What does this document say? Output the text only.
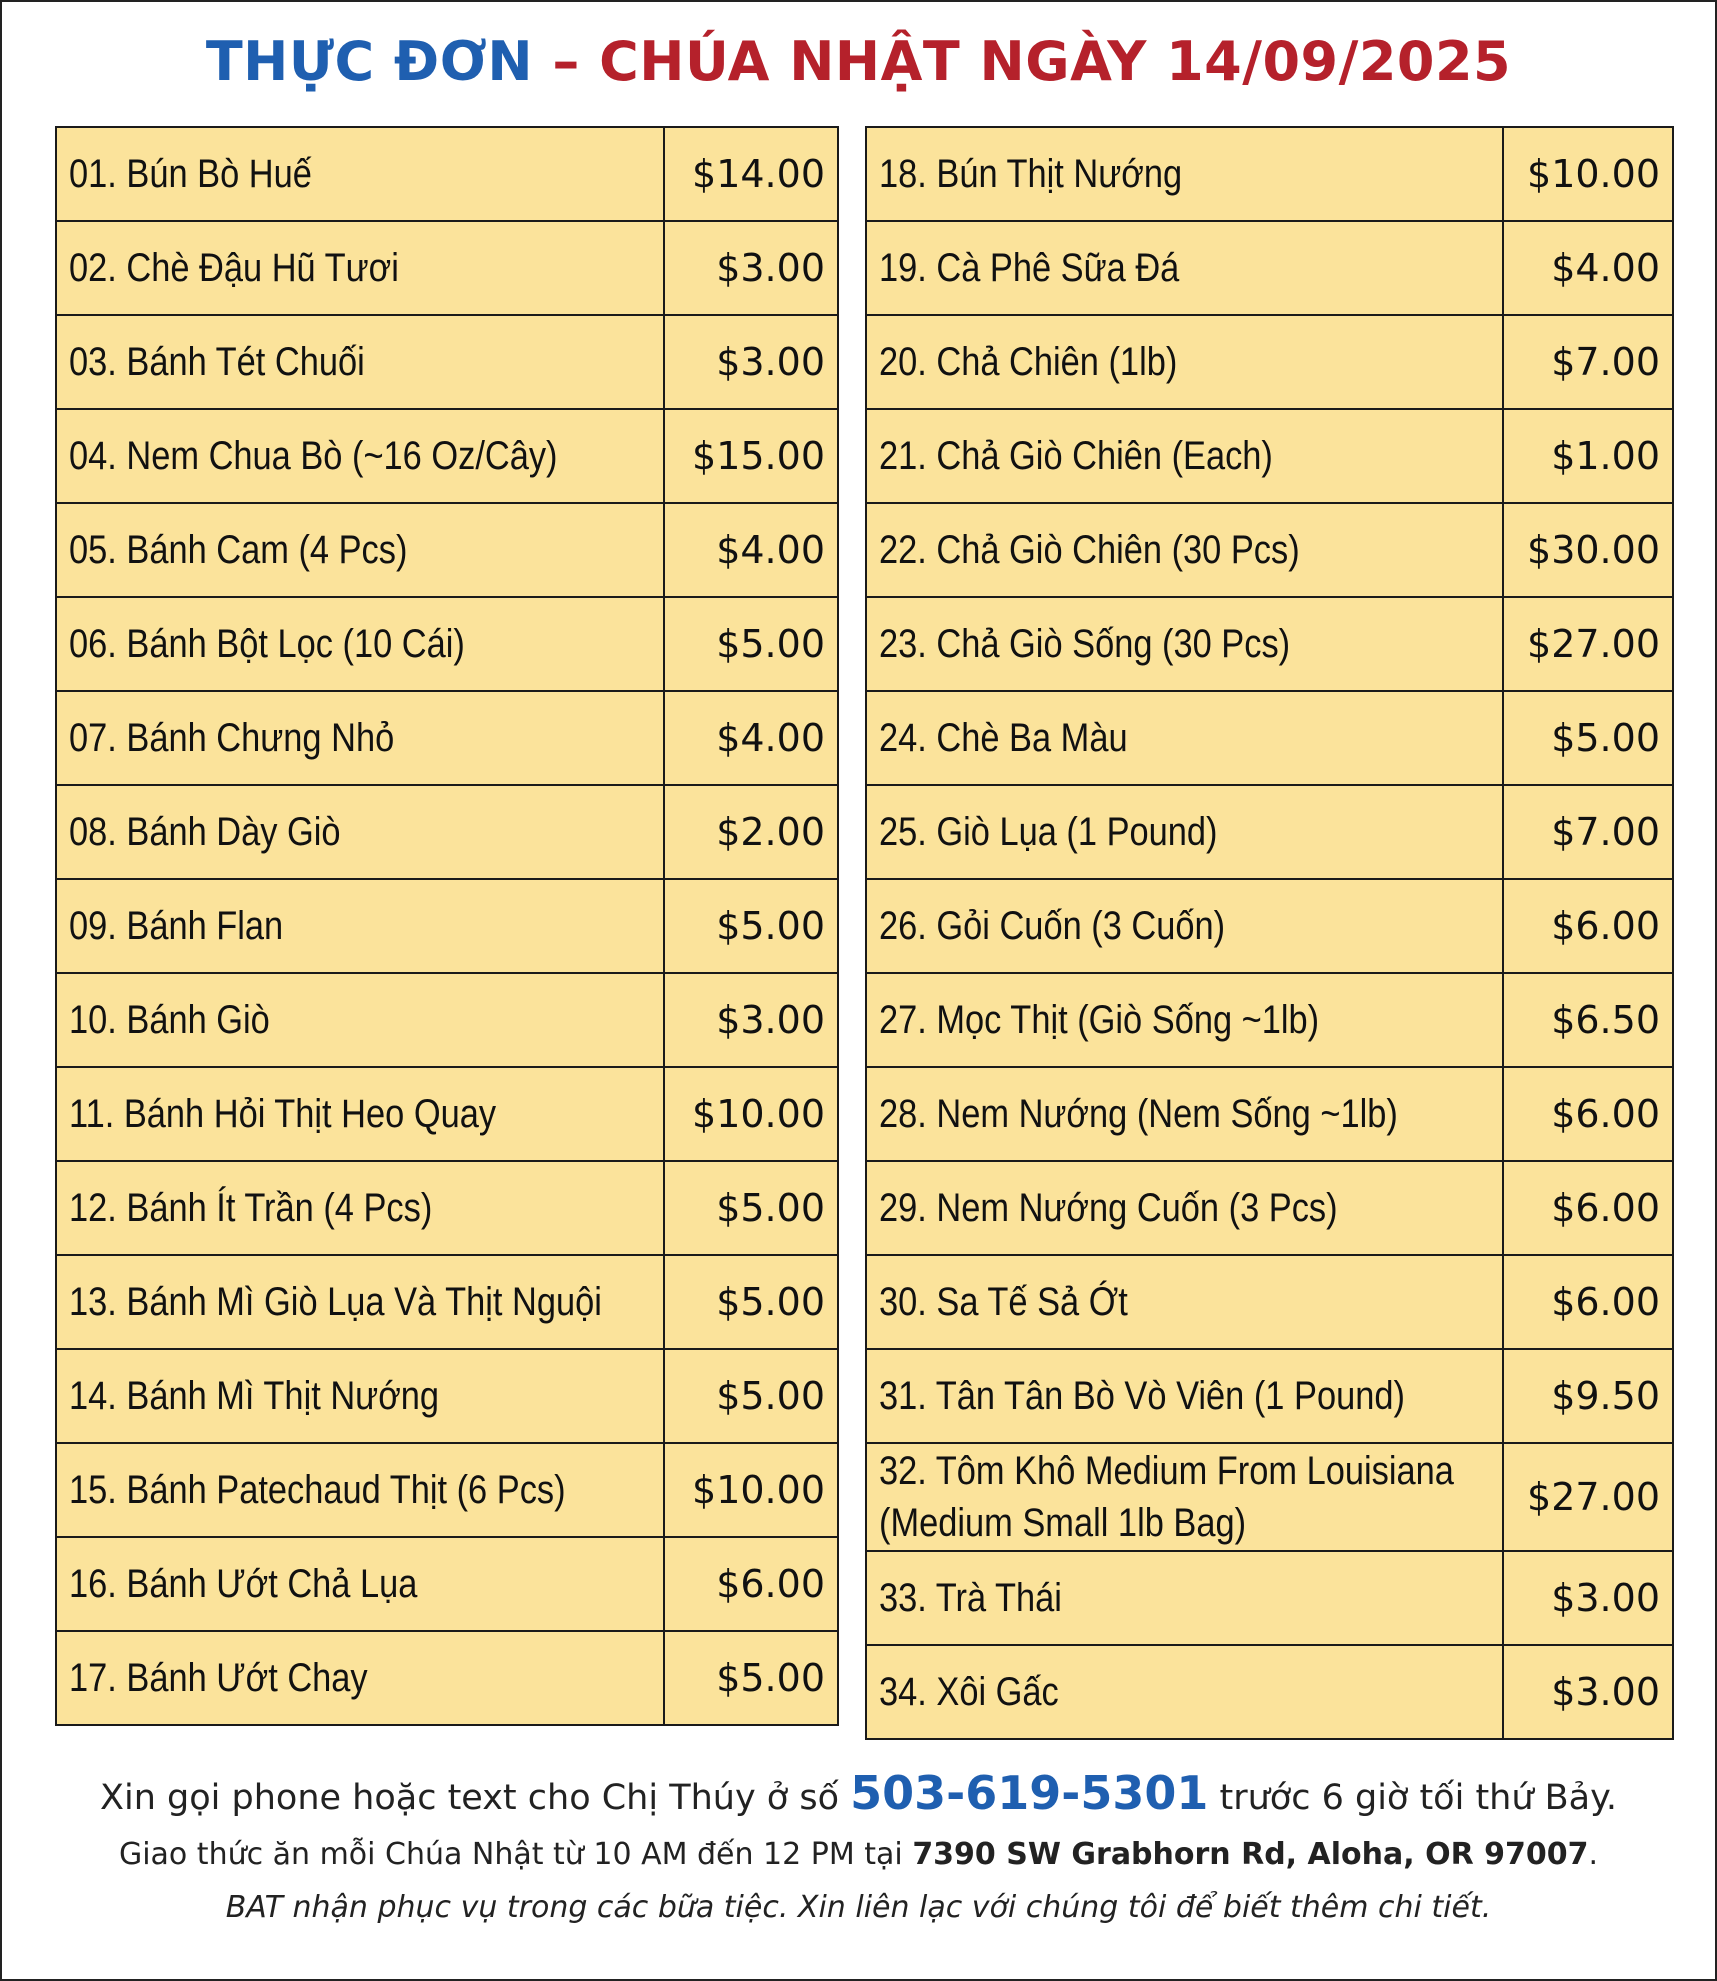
THỰC ĐƠN – CHÚA NHẬT NGÀY 14/09/2025
01. Bún Bò Huế	$14.00
02. Chè Đậu Hũ Tươi	$3.00
03. Bánh Tét Chuối	$3.00
04. Nem Chua Bò (~16 Oz/Cây)	$15.00
05. Bánh Cam (4 Pcs)	$4.00
06. Bánh Bột Lọc (10 Cái)	$5.00
07. Bánh Chưng Nhỏ	$4.00
08. Bánh Dày Giò	$2.00
09. Bánh Flan	$5.00
10. Bánh Giò	$3.00
11. Bánh Hỏi Thịt Heo Quay	$10.00
12. Bánh Ít Trần (4 Pcs)	$5.00
13. Bánh Mì Giò Lụa Và Thịt Nguội	$5.00
14. Bánh Mì Thịt Nướng	$5.00
15. Bánh Patechaud Thịt (6 Pcs)	$10.00
16. Bánh Ướt Chả Lụa	$6.00
17. Bánh Ướt Chay	$5.00
18. Bún Thịt Nướng	$10.00
19. Cà Phê Sữa Đá	$4.00
20. Chả Chiên (1lb)	$7.00
21. Chả Giò Chiên (Each)	$1.00
22. Chả Giò Chiên (30 Pcs)	$30.00
23. Chả Giò Sống (30 Pcs)	$27.00
24. Chè Ba Màu	$5.00
25. Giò Lụa (1 Pound)	$7.00
26. Gỏi Cuốn (3 Cuốn)	$6.00
27. Mọc Thịt (Giò Sống ~1lb)	$6.50
28. Nem Nướng (Nem Sống ~1lb)	$6.00
29. Nem Nướng Cuốn (3 Pcs)	$6.00
30. Sa Tế Sả Ớt	$6.00
31. Tân Tân Bò Vò Viên (1 Pound)	$9.50
32. Tôm Khô Medium From Louisiana (Medium Small 1lb Bag)	$27.00
33. Trà Thái	$3.00
34. Xôi Gấc	$3.00
Xin gọi phone hoặc text cho Chị Thúy ở số 503-619-5301 trước 6 giờ tối thứ Bảy.
Giao thức ăn mỗi Chúa Nhật từ 10 AM đến 12 PM tại 7390 SW Grabhorn Rd, Aloha, OR 97007.
BAT nhận phục vụ trong các bữa tiệc. Xin liên lạc với chúng tôi để biết thêm chi tiết.
